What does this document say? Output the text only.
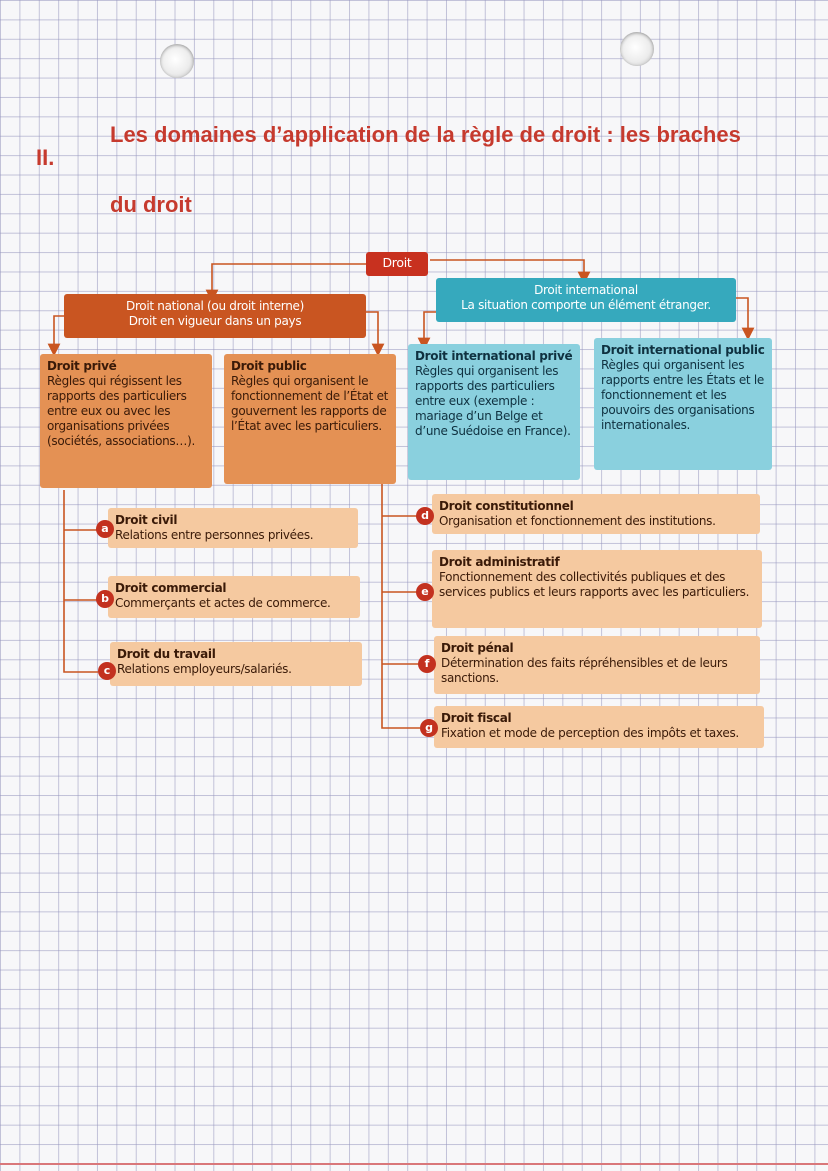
II.
Les domaines d’application de la règle de droit : les braches
du droit
Droit
Droit national (ou droit interne)
Droit en vigueur dans un pays
Droit international
La situation comporte un élément étranger.
Droit privé
Règles qui régissent les rapports des particuliers entre eux ou avec les organisations privées (sociétés, associations…).
Droit public
Règles qui organisent le fonctionnement de l’État et gouvernent les rapports de l’État avec les particuliers.
Droit international privé
Règles qui organisent les rapports des particuliers entre eux (exemple : mariage d’un Belge et d’une Suédoise en France).
Droit international public
Règles qui organisent les rapports entre les États et le fonctionnement et les pouvoirs des organisations internationales.
Droit civil
Relations entre personnes privées.
a
Droit commercial
Commerçants et actes de commerce.
b
Droit du travail
Relations employeurs/salariés.
c
Droit constitutionnel
Organisation et fonctionnement des institutions.
d
Droit administratif
Fonctionnement des collectivités publiques et des services publics et leurs rapports avec les particuliers.
e
Droit pénal
Détermination des faits répréhensibles et de leurs sanctions.
f
Droit fiscal
Fixation et mode de perception des impôts et taxes.
g
